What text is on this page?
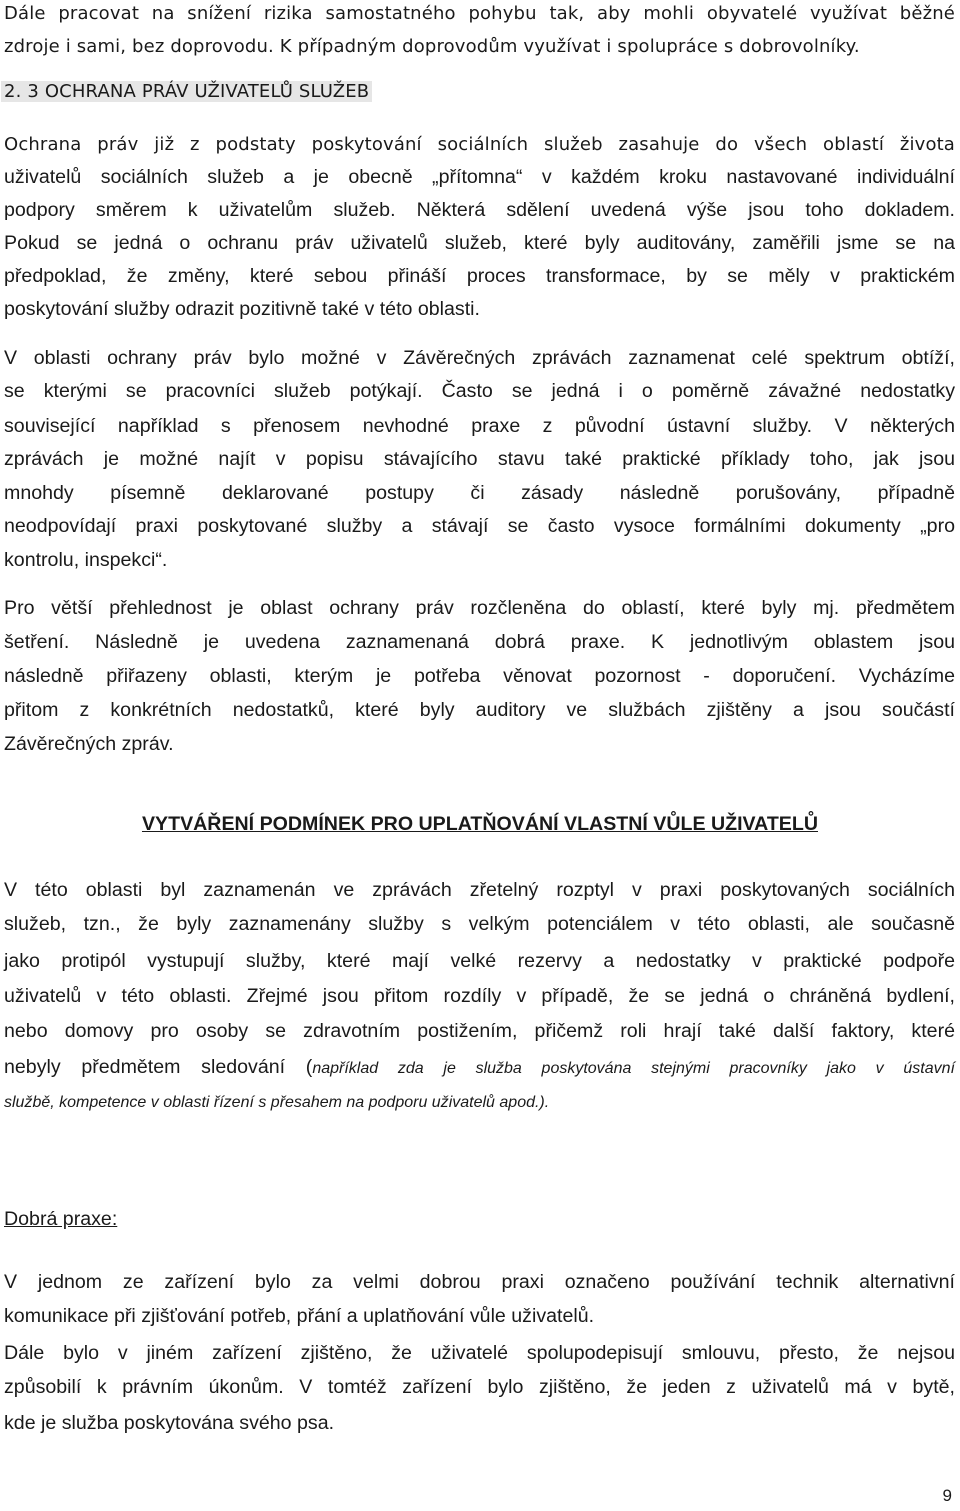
Dále pracovat na snížení rizika samostatného pohybu tak, aby mohli obyvatelé využívat běžné
zdroje i sami, bez doprovodu. K případným doprovodům využívat i spolupráce s dobrovolníky.
2. 3 OCHRANA PRÁV UŽIVATELŮ SLUŽEB
Ochrana práv již z podstaty poskytování sociálních služeb zasahuje do všech oblastí života
uživatelů sociálních služeb a je obecně „přítomna“ v každém kroku nastavované individuální
podpory směrem k uživatelům služeb. Některá sdělení uvedená výše jsou toho dokladem.
Pokud se jedná o ochranu práv uživatelů služeb, které byly auditovány, zaměřili jsme se na
předpoklad, že změny, které sebou přináší proces transformace, by se měly v praktickém
poskytování služby odrazit pozitivně také v této oblasti.
V oblasti ochrany práv bylo možné v Závěrečných zprávách zaznamenat celé spektrum obtíží,
se kterými se pracovníci služeb potýkají. Často se jedná i o poměrně závažné nedostatky
související například s přenosem nevhodné praxe z původní ústavní služby. V některých
zprávách je možné najít v popisu stávajícího stavu také praktické příklady toho, jak jsou
mnohdy písemně deklarované postupy či zásady následně porušovány, případně
neodpovídají praxi poskytované služby a stávají se často vysoce formálními dokumenty „pro
kontrolu, inspekci“.
Pro větší přehlednost je oblast ochrany práv rozčleněna do oblastí, které byly mj. předmětem
šetření. Následně je uvedena zaznamenaná dobrá praxe. K jednotlivým oblastem jsou
následně přiřazeny oblasti, kterým je potřeba věnovat pozornost - doporučení. Vycházíme
přitom z konkrétních nedostatků, které byly auditory ve službách zjištěny a jsou součástí
Závěrečných zpráv.
VYTVÁŘENÍ PODMÍNEK PRO UPLATŇOVÁNÍ VLASTNÍ VŮLE UŽIVATELŮ
V této oblasti byl zaznamenán ve zprávách zřetelný rozptyl v praxi poskytovaných sociálních
služeb, tzn., že byly zaznamenány služby s velkým potenciálem v této oblasti, ale současně
jako protipól vystupují služby, které mají velké rezervy a nedostatky v praktické podpoře
uživatelů v této oblasti. Zřejmé jsou přitom rozdíly v případě, že se jedná o chráněná bydlení,
nebo domovy pro osoby se zdravotním postižením, přičemž roli hrají také další faktory, které
nebyly předmětem sledování (například zda je služba poskytována stejnými pracovníky jako v ústavní
službě, kompetence v oblasti řízení s přesahem na podporu uživatelů apod.).
Dobrá praxe:
V jednom ze zařízení bylo za velmi dobrou praxi označeno používání technik alternativní
komunikace při zjišťování potřeb, přání a uplatňování vůle uživatelů.
Dále bylo v jiném zařízení zjištěno, že uživatelé spolupodepisují smlouvu, přesto, že nejsou
způsobilí k právním úkonům. V tomtéž zařízení bylo zjištěno, že jeden z uživatelů má v bytě,
kde je služba poskytována svého psa.
9
